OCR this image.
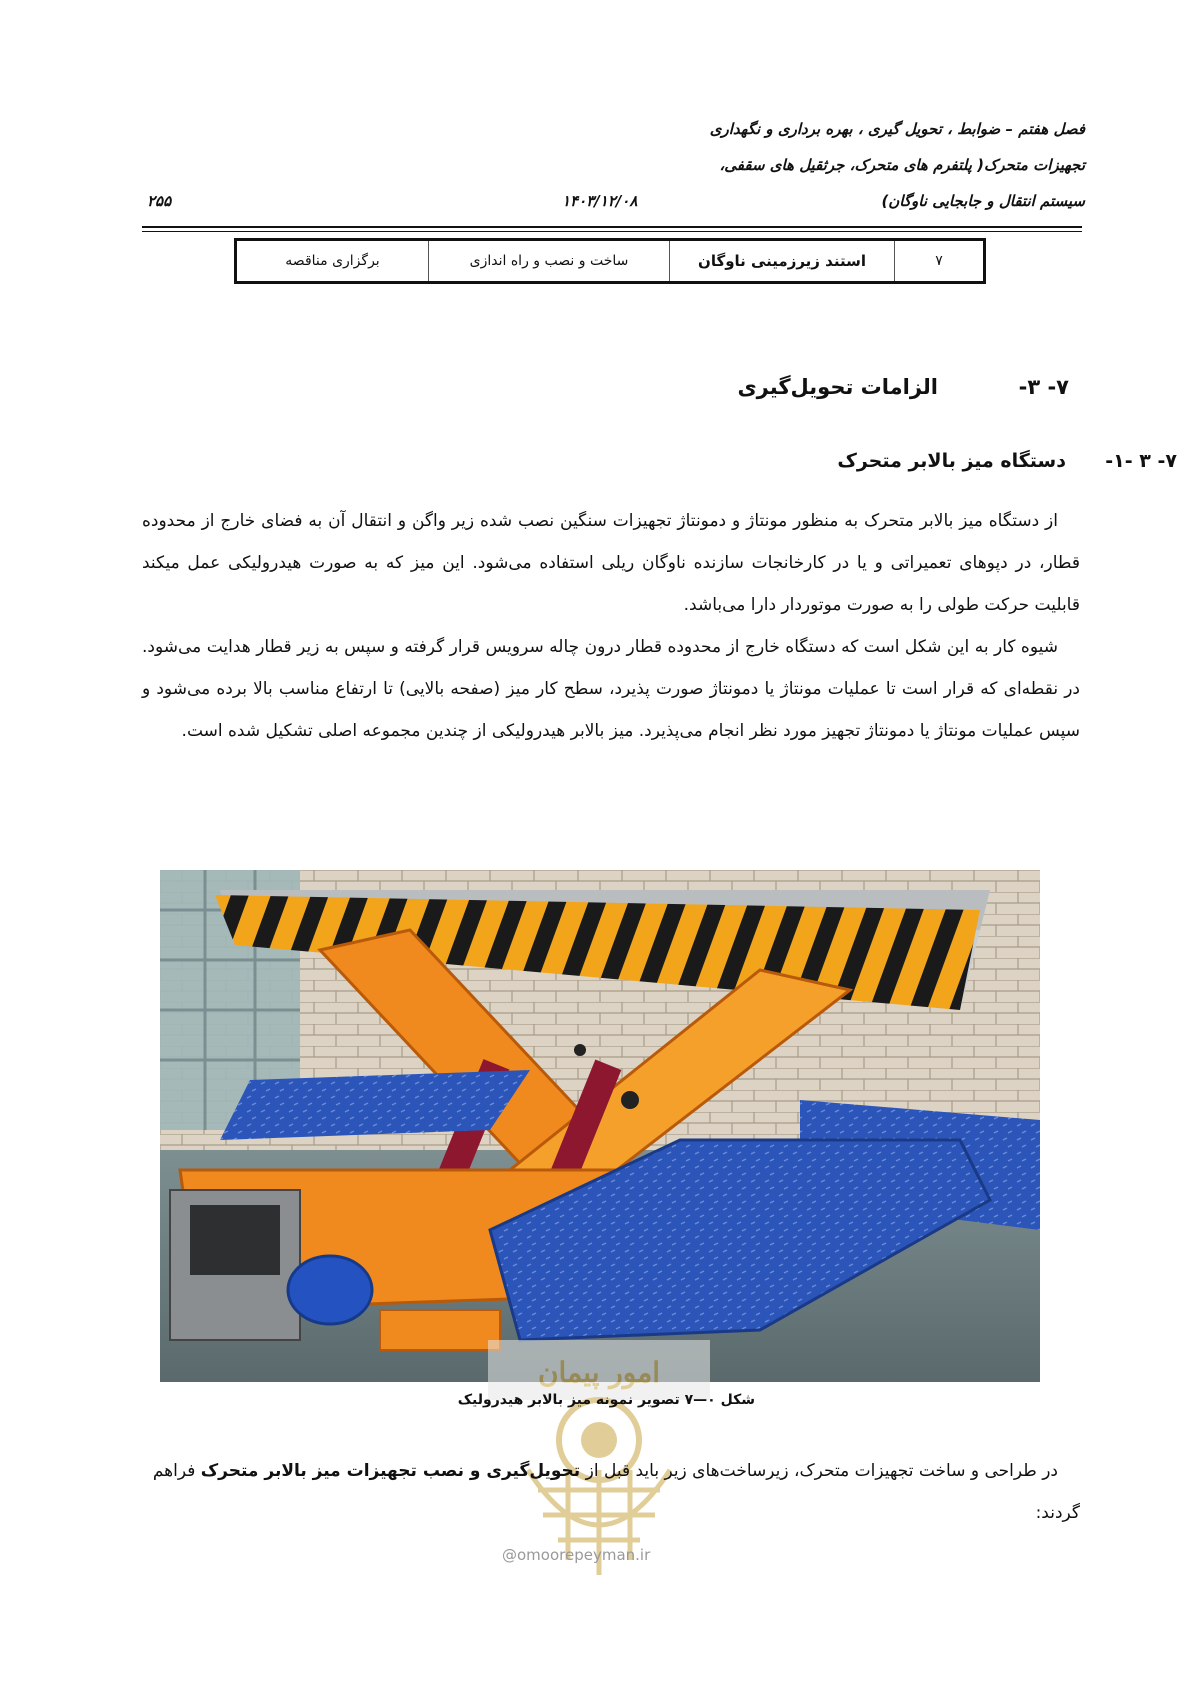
فصل هفتم – ضوابط ، تحویل گیری ، بهره برداری و نگهداری
تجهیزات متحرک( پلتفرم های متحرک، جرثقیل های سقفی،
سیستم انتقال و جابجایی ناوگان)
۱۴۰۳/۱۲/۰۸
۲۵۵
۷	استند زیرزمینی ناوگان	ساخت و نصب و راه اندازی	برگزاری مناقصه
۷- ۳-
الزامات تحویل‌گیری
۷- ۳ -۱-
دستگاه میز بالابر متحرک

از دستگاه میز بالابر متحرک به منظور مونتاژ و دمونتاژ تجهیزات سنگین نصب شده زیر واگن و انتقال آن به فضای خارج از محدوده قطار، در دپوهای تعمیراتی و یا در کارخانجات سازنده ناوگان ریلی استفاده می‌شود. این میز که به صورت هیدرولیکی عمل میکند قابلیت حرکت طولی را به صورت موتوردار دارا می‌باشد.

شیوه کار به این شکل است که دستگاه خارج از محدوده قطار درون چاله سرویس قرار گرفته و سپس به زیر قطار هدایت می‌شود. در نقطه‌ای که قرار است تا عملیات مونتاژ یا دمونتاژ صورت پذیرد، سطح کار میز (صفحه بالایی) تا ارتفاع مناسب بالا برده می‌شود و سپس عملیات مونتاژ یا دمونتاژ تجهیز مورد نظر انجام می‌پذیرد. میز بالابر هیدرولیکی از چندین مجموعه اصلی تشکیل شده است.

امور پیمان
شکل ۰—۷ تصویر نمونه میز بالابر هیدرولیک

در طراحی و ساخت تجهیزات متحرک، زیرساخت‌های زیر باید قبل از تحویل‌گیری و نصب تجهیزات میز بالابر متحرک فراهم گردند:

@omoorepeyman.ir
